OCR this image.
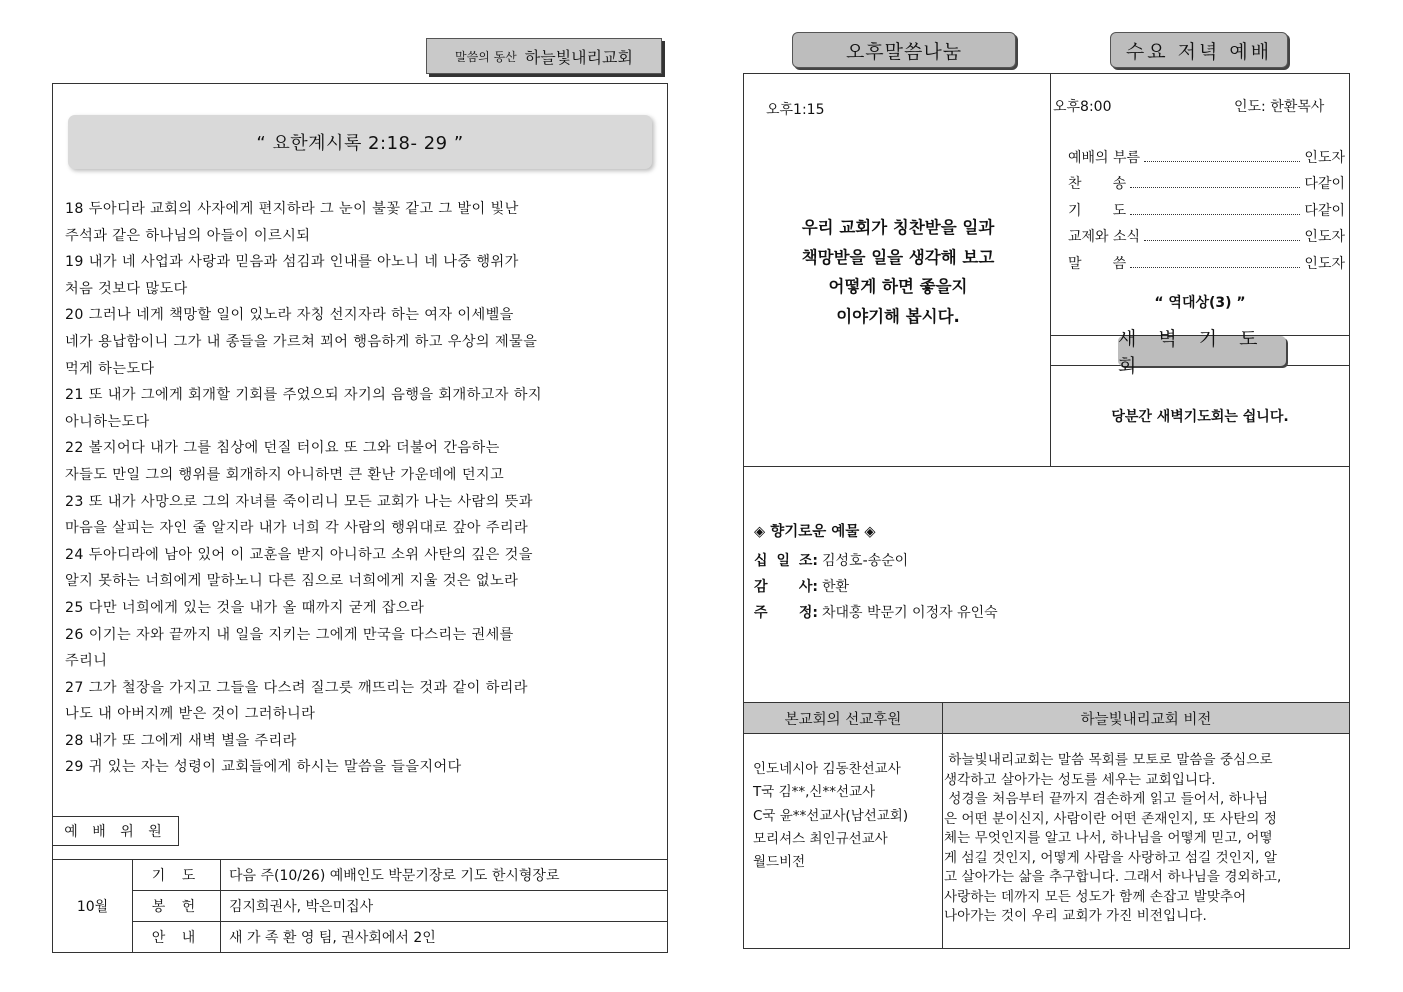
말씀의 동산 하늘빛내리교회
“ 요한계시록 2:18- 29 ”

18 두아디라 교회의 사자에게 편지하라 그 눈이 불꽃 같고 그 발이 빛난

주석과 같은 하나님의 아들이 이르시되

19 내가 네 사업과 사랑과 믿음과 섬김과 인내를 아노니 네 나중 행위가

처음 것보다 많도다

20 그러나 네게 책망할 일이 있노라 자칭 선지자라 하는 여자 이세벨을

네가 용납함이니 그가 내 종들을 가르쳐 꾀어 행음하게 하고 우상의 제물을

먹게 하는도다

21 또 내가 그에게 회개할 기회를 주었으되 자기의 음행을 회개하고자 하지

아니하는도다

22 볼지어다 내가 그를 침상에 던질 터이요 또 그와 더불어 간음하는

자들도 만일 그의 행위를 회개하지 아니하면 큰 환난 가운데에 던지고

23 또 내가 사망으로 그의 자녀를 죽이리니 모든 교회가 나는 사람의 뜻과

마음을 살피는 자인 줄 알지라 내가 너희 각 사람의 행위대로 갚아 주리라

24 두아디라에 남아 있어 이 교훈을 받지 아니하고 소위 사탄의 깊은 것을

알지 못하는 너희에게 말하노니 다른 짐으로 너희에게 지울 것은 없노라

25 다만 너희에게 있는 것을 내가 올 때까지 굳게 잡으라

26 이기는 자와 끝까지 내 일을 지키는 그에게 만국을 다스리는 권세를

주리니

27 그가 철장을 가지고 그들을 다스려 질그릇 깨뜨리는 것과 같이 하리라

나도 내 아버지께 받은 것이 그러하니라

28 내가 또 그에게 새벽 별을 주리라

29 귀 있는 자는 성령이 교회들에게 하시는 말씀을 들을지어다

예 배 위 원
10월	기 도	다음 주(10/26) 예배인도 박문기장로 기도 한시형장로
	봉 헌	김지희권사, 박은미집사
	안 내	새 가 족 환 영 팀, 권사회에서 2인
오후말씀나눔	수요 저녁 예배
오후1:15
우리 교회가 칭찬받을 일과
책망받을 일을 생각해 보고
어떻게 하면 좋을지
이야기해 봅시다.
오후8:00	인도: 한환목사
예배의 부름	인도자
찬       송	다같이
기       도	다같이
교제와 소식	인도자
말       씀	인도자
“ 역대상(3) ”
새 벽 기 도 회
당분간 새벽기도회는 쉽니다.
◈ 향기로운 예물 ◈
십 일 조: 김성호-송순이
감 사: 한환
주 정: 차대홍 박문기 이정자 유인숙
본교회의 선교후원	하늘빛내리교회 비전
인도네시아 김동찬선교사
T국 김**,신**선교사
C국 윤**선교사(남선교회)
모리셔스 최인규선교사
월드비전
하늘빛내리교회는 말씀 목회를 모토로 말씀을 중심으로
생각하고 살아가는 성도를 세우는 교회입니다.
성경을 처음부터 끝까지 겸손하게 읽고 들어서, 하나님
은 어떤 분이신지, 사람이란 어떤 존재인지, 또 사탄의 정
체는 무엇인지를 알고 나서, 하나님을 어떻게 믿고, 어떻
게 섬길 것인지, 어떻게 사람을 사랑하고 섬길 것인지, 알
고 살아가는 삶을 추구합니다. 그래서 하나님을 경외하고,
사랑하는 데까지 모든 성도가 함께 손잡고 발맞추어
나아가는 것이 우리 교회가 가진 비전입니다.
